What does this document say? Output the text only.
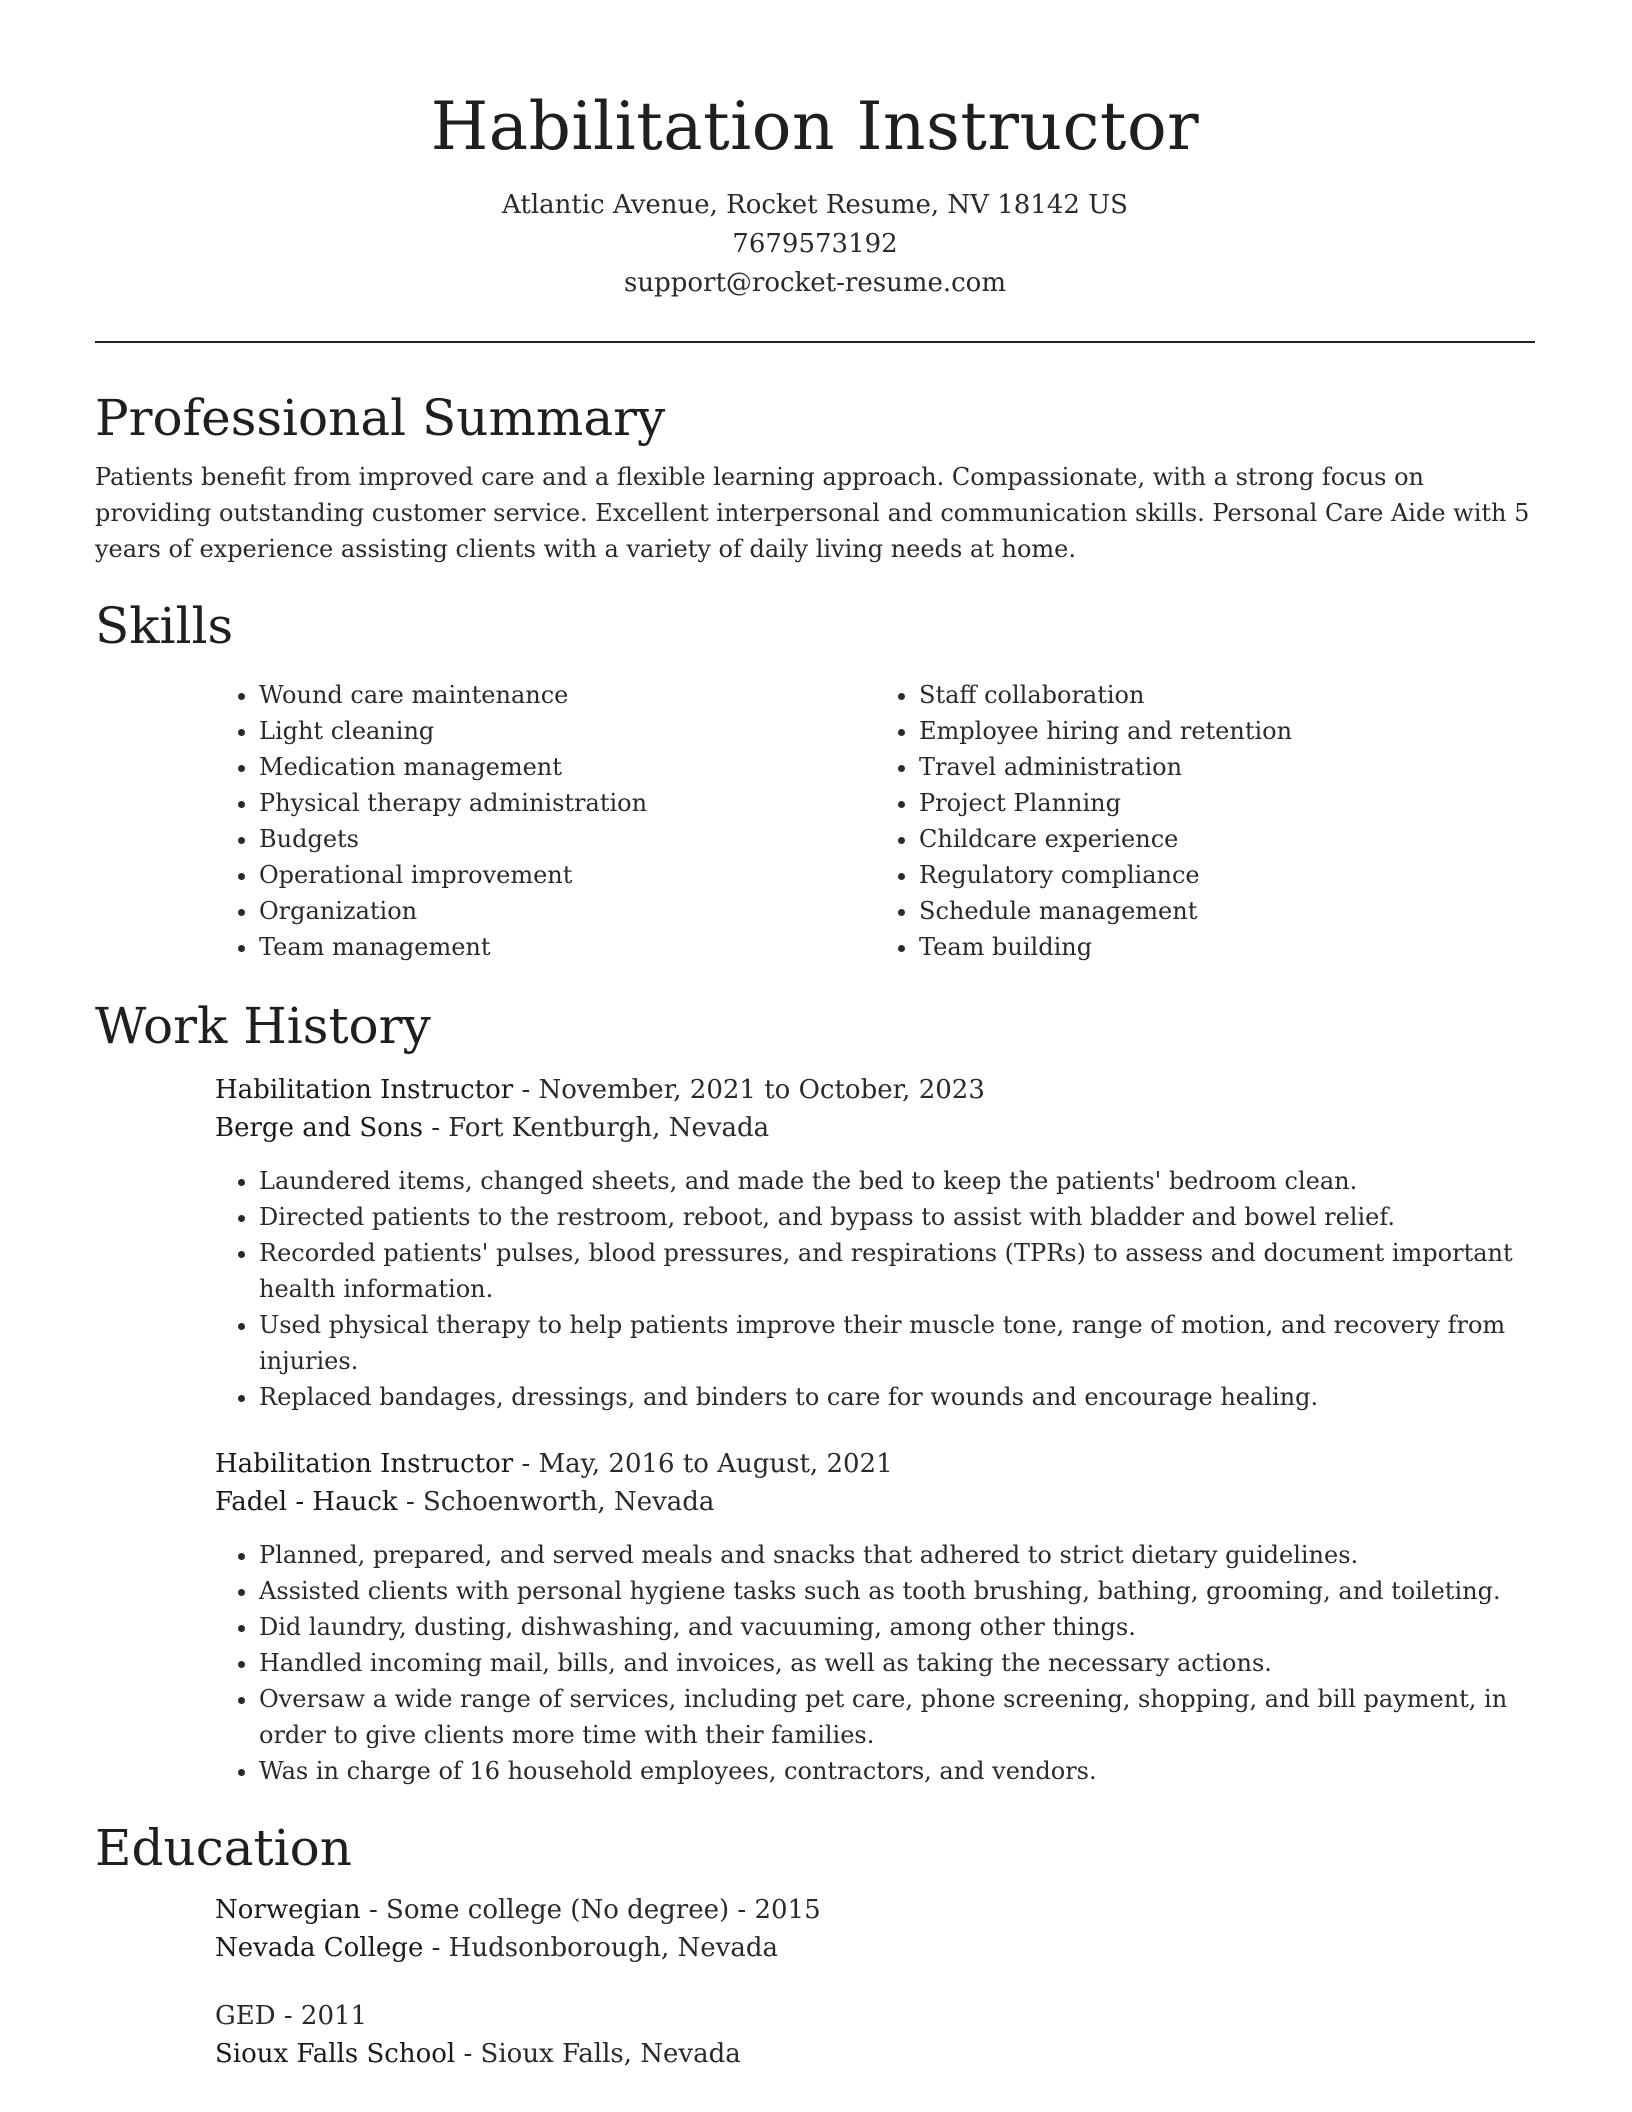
Habilitation Instructor
Atlantic Avenue, Rocket Resume, NV 18142 US
7679573192
support@rocket-resume.com
Professional Summary

Patients benefit from improved care and a flexible learning approach. Compassionate, with a strong focus on providing outstanding customer service. Excellent interpersonal and communication skills. Personal Care Aide with 5 years of experience assisting clients with a variety of daily living needs at home.

Skills
• Wound care maintenance
• Light cleaning
• Medication management
• Physical therapy administration
• Budgets
• Operational improvement
• Organization
• Team management
• Staff collaboration
• Employee hiring and retention
• Travel administration
• Project Planning
• Childcare experience
• Regulatory compliance
• Schedule management
• Team building
Work History
Habilitation Instructor - November, 2021 to October, 2023
Berge and Sons - Fort Kentburgh, Nevada
• Laundered items, changed sheets, and made the bed to keep the patients' bedroom clean.
• Directed patients to the restroom, reboot, and bypass to assist with bladder and bowel relief.
• Recorded patients' pulses, blood pressures, and respirations (TPRs) to assess and document important health information.
• Used physical therapy to help patients improve their muscle tone, range of motion, and recovery from injuries.
• Replaced bandages, dressings, and binders to care for wounds and encourage healing.
Habilitation Instructor - May, 2016 to August, 2021
Fadel - Hauck - Schoenworth, Nevada
• Planned, prepared, and served meals and snacks that adhered to strict dietary guidelines.
• Assisted clients with personal hygiene tasks such as tooth brushing, bathing, grooming, and toileting.
• Did laundry, dusting, dishwashing, and vacuuming, among other things.
• Handled incoming mail, bills, and invoices, as well as taking the necessary actions.
• Oversaw a wide range of services, including pet care, phone screening, shopping, and bill payment, in order to give clients more time with their families.
• Was in charge of 16 household employees, contractors, and vendors.
Education
Norwegian - Some college (No degree) - 2015
Nevada College - Hudsonborough, Nevada
GED - 2011
Sioux Falls School - Sioux Falls, Nevada
